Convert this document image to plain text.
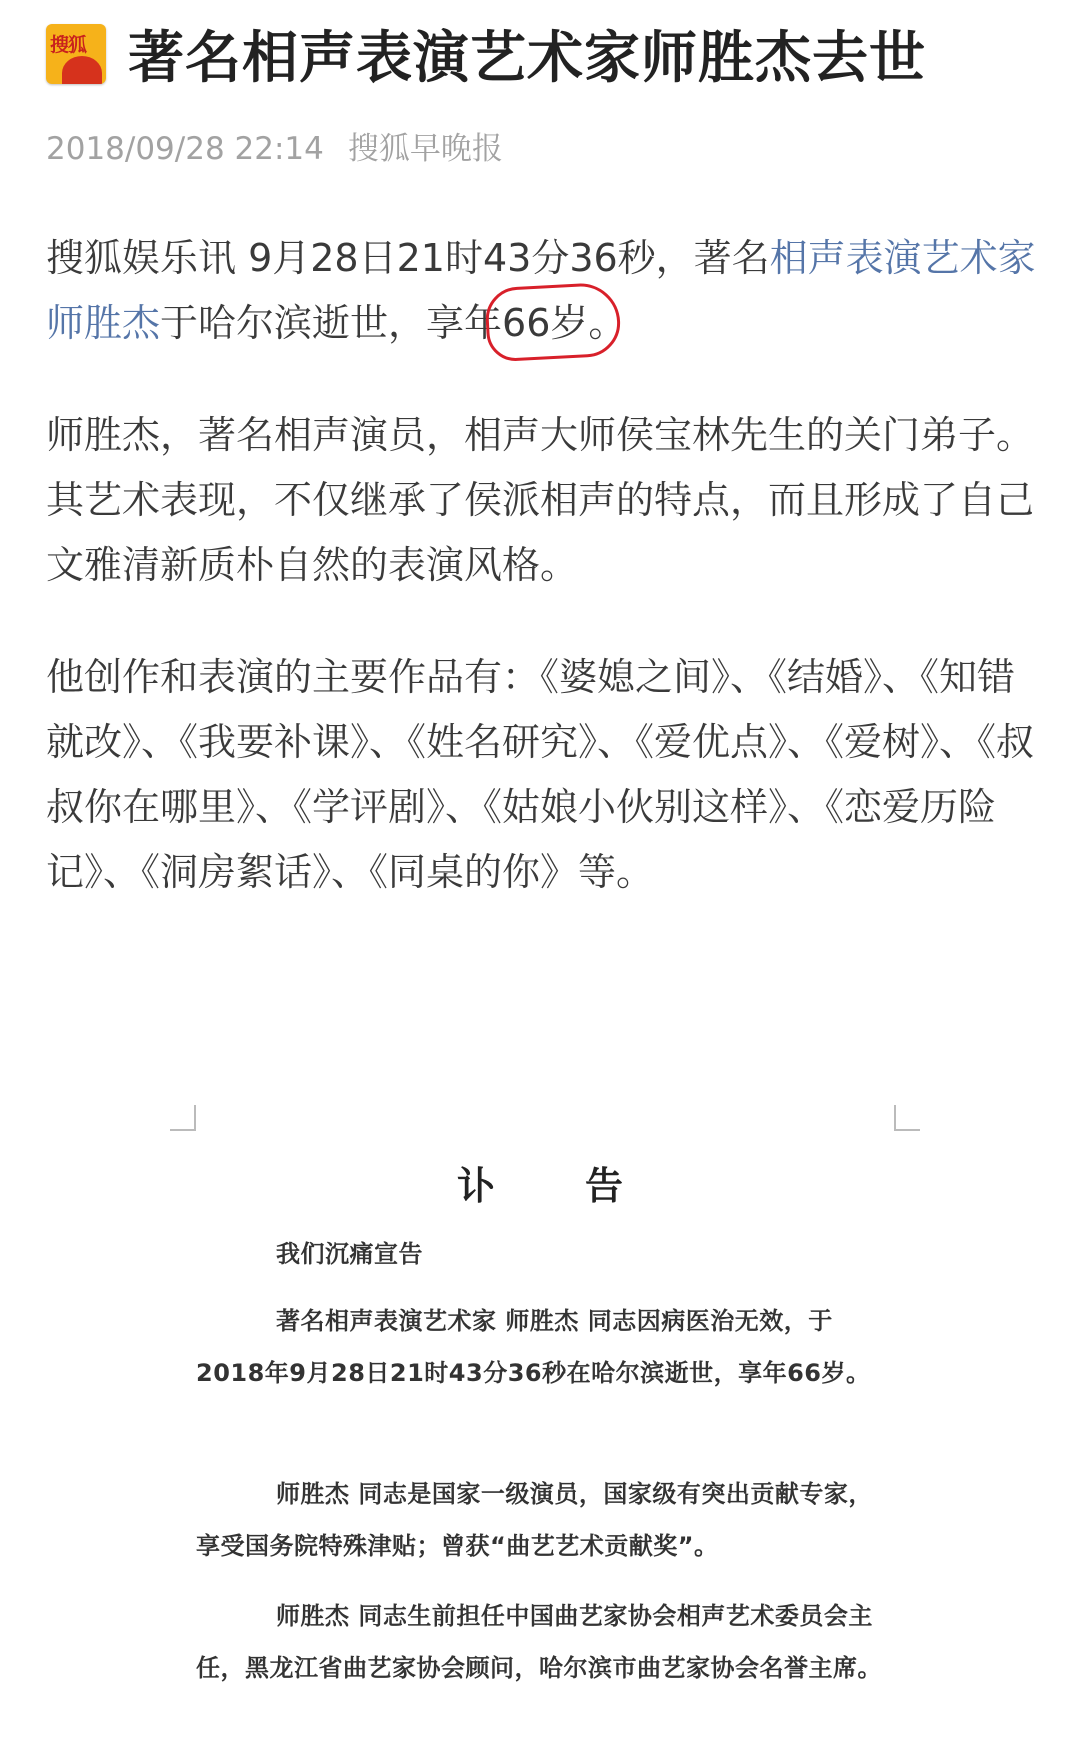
搜狐 著名相声表演艺术家师胜杰去世
2018/09/28 22:14 搜狐早晚报
搜狐娱乐讯 9月28日21时43分36秒，著名相声表演艺术家师胜杰于哈尔滨逝世，享年66岁
。
师胜杰，著名相声演员，相声大师侯宝林先生的关门弟子。其艺术表现，不仅继承了侯派相声的特点，而且形成了自己文雅清新质朴自然的表演风格。
他创作和表演的主要作品有：《婆媳之间》、《结婚》、《知错就改》、《我要补课》、《姓名研究》、《爱优点》、《爱树》、《叔叔你在哪里》、《学评剧》、《姑娘小伙别这样》、《恋爱历险记》、《洞房絮话》、《同桌的你》等。
讣告
我们沉痛宣告
著名相声表演艺术家 师胜杰 同志因病医治无效，于2018年9月28日21时43分36秒在哈尔滨逝世，享年66岁。
师胜杰 同志是国家一级演员，国家级有突出贡献专家，享受国务院特殊津贴；曾获“曲艺艺术贡献奖”。
师胜杰 同志生前担任中国曲艺家协会相声艺术委员会主任，黑龙江省曲艺家协会顾问，哈尔滨市曲艺家协会名誉主席。
